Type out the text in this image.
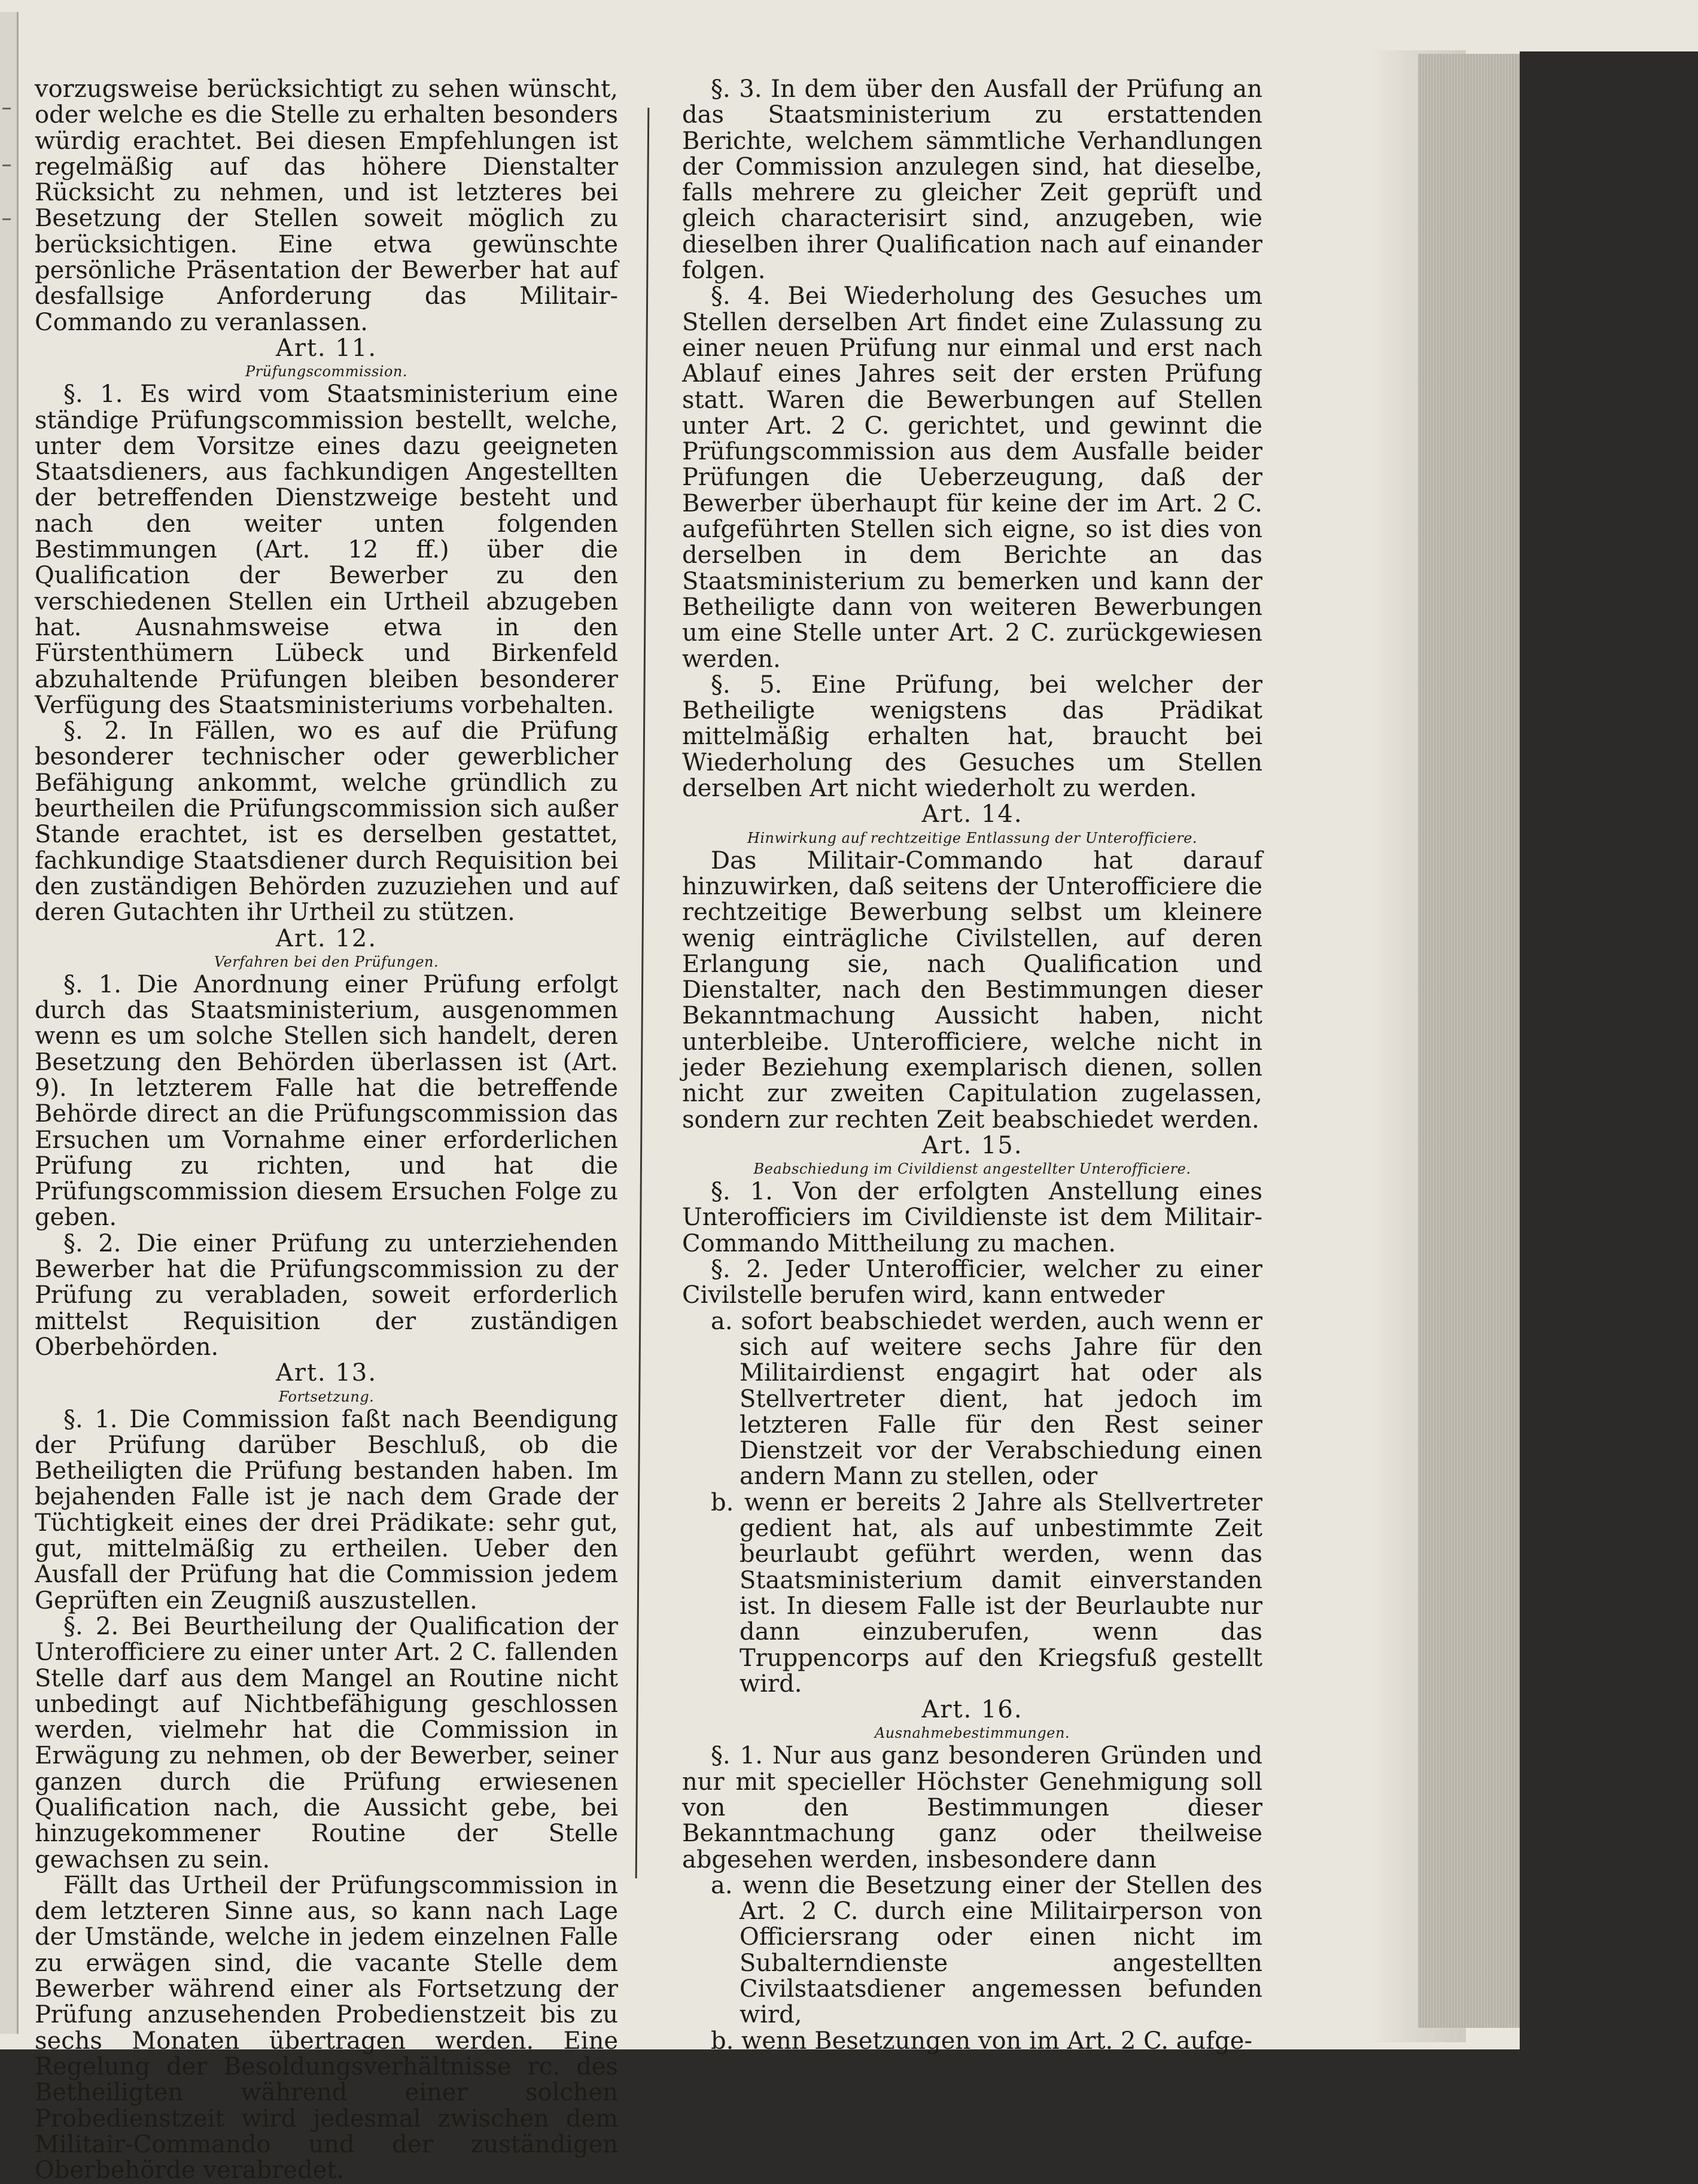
vorzugsweise berücksichtigt zu sehen wünscht, oder welche es die Stelle zu erhalten besonders würdig erachtet. Bei diesen Empfehlungen ist regelmäßig auf das höhere Dienstalter Rücksicht zu nehmen, und ist letzteres bei Besetzung der Stellen soweit möglich zu berücksichtigen. Eine etwa gewünschte persönliche Präsentation der Bewerber hat auf desfallsige Anforderung das Militair-Commando zu veranlassen.

Art. 11.
Prüfungscommission.

§. 1. Es wird vom Staatsministerium eine ständige Prüfungscommission bestellt, welche, unter dem Vorsitze eines dazu geeigneten Staatsdieners, aus fachkundigen Angestellten der betreffenden Dienstzweige besteht und nach den weiter unten folgenden Bestimmungen (Art. 12 ff.) über die Qualification der Bewerber zu den verschiedenen Stellen ein Urtheil abzugeben hat. Ausnahmsweise etwa in den Fürstenthümern Lübeck und Birkenfeld abzuhaltende Prüfungen bleiben besonderer Verfügung des Staatsministeriums vorbehalten.

§. 2. In Fällen, wo es auf die Prüfung besonderer technischer oder gewerblicher Befähigung ankommt, welche gründlich zu beurtheilen die Prüfungscommission sich außer Stande erachtet, ist es derselben gestattet, fachkundige Staatsdiener durch Requisition bei den zuständigen Behörden zuzuziehen und auf deren Gutachten ihr Urtheil zu stützen.

Art. 12.
Verfahren bei den Prüfungen.

§. 1. Die Anordnung einer Prüfung erfolgt durch das Staatsministerium, ausgenommen wenn es um solche Stellen sich handelt, deren Besetzung den Behörden überlassen ist (Art. 9). In letzterem Falle hat die betreffende Behörde direct an die Prüfungscommission das Ersuchen um Vornahme einer erforderlichen Prüfung zu richten, und hat die Prüfungscommission diesem Ersuchen Folge zu geben.

§. 2. Die einer Prüfung zu unterziehenden Bewerber hat die Prüfungscommission zu der Prüfung zu verabladen, soweit erforderlich mittelst Requisition der zuständigen Oberbehörden.

Art. 13.
Fortsetzung.

§. 1. Die Commission faßt nach Beendigung der Prüfung darüber Beschluß, ob die Betheiligten die Prüfung bestanden haben. Im bejahenden Falle ist je nach dem Grade der Tüchtigkeit eines der drei Prädikate: sehr gut, gut, mittelmäßig zu ertheilen. Ueber den Ausfall der Prüfung hat die Commission jedem Geprüften ein Zeugniß auszustellen.

§. 2. Bei Beurtheilung der Qualification der Unterofficiere zu einer unter Art. 2 C. fallenden Stelle darf aus dem Mangel an Routine nicht unbedingt auf Nichtbefähigung geschlossen werden, vielmehr hat die Commission in Erwägung zu nehmen, ob der Bewerber, seiner ganzen durch die Prüfung erwiesenen Qualification nach, die Aussicht gebe, bei hinzugekommener Routine der Stelle gewachsen zu sein.

Fällt das Urtheil der Prüfungscommission in dem letzteren Sinne aus, so kann nach Lage der Umstände, welche in jedem einzelnen Falle zu erwägen sind, die vacante Stelle dem Bewerber während einer als Fortsetzung der Prüfung anzusehenden Probedienstzeit bis zu sechs Monaten übertragen werden. Eine Regelung der Besoldungsverhältnisse rc. des Betheiligten während einer solchen Probedienstzeit wird jedesmal zwischen dem Militair-Commando und der zuständigen Oberbehörde verabredet.

§. 3. In dem über den Ausfall der Prüfung an das Staatsministerium zu erstattenden Berichte, welchem sämmtliche Verhandlungen der Commission anzulegen sind, hat dieselbe, falls mehrere zu gleicher Zeit geprüft und gleich characterisirt sind, anzugeben, wie dieselben ihrer Qualification nach auf einander folgen.

§. 4. Bei Wiederholung des Gesuches um Stellen derselben Art findet eine Zulassung zu einer neuen Prüfung nur einmal und erst nach Ablauf eines Jahres seit der ersten Prüfung statt. Waren die Bewerbungen auf Stellen unter Art. 2 C. gerichtet, und gewinnt die Prüfungscommission aus dem Ausfalle beider Prüfungen die Ueberzeugung, daß der Bewerber überhaupt für keine der im Art. 2 C. aufgeführten Stellen sich eigne, so ist dies von derselben in dem Berichte an das Staatsministerium zu bemerken und kann der Betheiligte dann von weiteren Bewerbungen um eine Stelle unter Art. 2 C. zurückgewiesen werden.

§. 5. Eine Prüfung, bei welcher der Betheiligte wenigstens das Prädikat mittelmäßig erhalten hat, braucht bei Wiederholung des Gesuches um Stellen derselben Art nicht wiederholt zu werden.

Art. 14.
Hinwirkung auf rechtzeitige Entlassung der Unterofficiere.

Das Militair-Commando hat darauf hinzuwirken, daß seitens der Unterofficiere die rechtzeitige Bewerbung selbst um kleinere wenig einträgliche Civilstellen, auf deren Erlangung sie, nach Qualification und Dienstalter, nach den Bestimmungen dieser Bekanntmachung Aussicht haben, nicht unterbleibe. Unterofficiere, welche nicht in jeder Beziehung exemplarisch dienen, sollen nicht zur zweiten Capitulation zugelassen, sondern zur rechten Zeit beabschiedet werden.

Art. 15.
Beabschiedung im Civildienst angestellter Unterofficiere.

§. 1. Von der erfolgten Anstellung eines Unterofficiers im Civildienste ist dem Militair-Commando Mittheilung zu machen.

§. 2. Jeder Unterofficier, welcher zu einer Civilstelle berufen wird, kann entweder

a. sofort beabschiedet werden, auch wenn er sich auf weitere sechs Jahre für den Militairdienst engagirt hat oder als Stellvertreter dient, hat jedoch im letzteren Falle für den Rest seiner Dienstzeit vor der Verabschiedung einen andern Mann zu stellen, oder

b. wenn er bereits 2 Jahre als Stellvertreter gedient hat, als auf unbestimmte Zeit beurlaubt geführt werden, wenn das Staatsministerium damit einverstanden ist. In diesem Falle ist der Beurlaubte nur dann einzuberufen, wenn das Truppencorps auf den Kriegsfuß gestellt wird.

Art. 16.
Ausnahmebestimmungen.

§. 1. Nur aus ganz besonderen Gründen und nur mit specieller Höchster Genehmigung soll von den Bestimmungen dieser Bekanntmachung ganz oder theilweise abgesehen werden, insbesondere dann

a. wenn die Besetzung einer der Stellen des Art. 2 C. durch eine Militairperson von Officiersrang oder einen nicht im Subalterndienste angestellten Civilstaatsdiener angemessen befunden wird,

b. wenn Besetzungen von im Art. 2 C. aufge-
